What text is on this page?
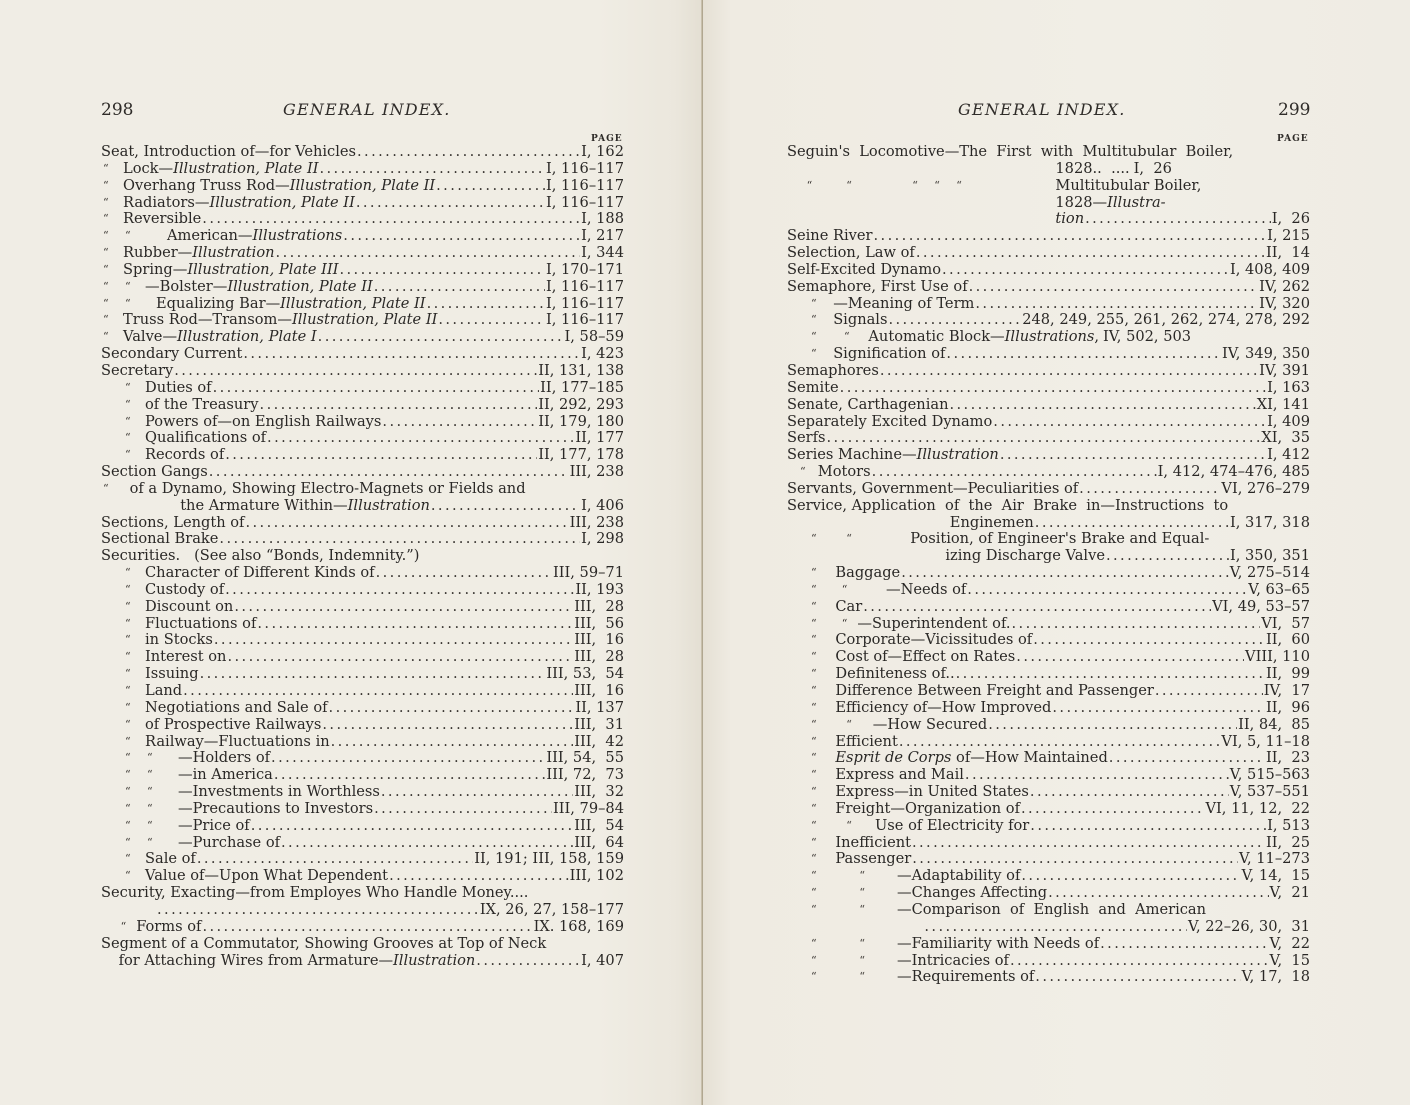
298	GENERAL INDEX.
PAGE
Seat, Introduction of—for Vehicles .....	I, 162
“ Lock—Illustration, Plate II .....	I, 116–117
“ Overhang Truss Rod—Illustration, Plate II .....	I, 116–117
“ Radiators—Illustration, Plate II .....	I, 116–117
“ Reversible .....	I, 188
“ “ American—Illustrations .....	I, 217
“ Rubber—Illustration .....	I, 344
“ Spring—Illustration, Plate III .....	I, 170–171
“ “ —Bolster—Illustration, Plate II .....	I, 116–117
“ “ Equalizing Bar—Illustration, Plate II .....	I, 116–117
“ Truss Rod—Transom—Illustration, Plate II .....	I, 116–117
“ Valve—Illustration, Plate I .....	I, 58–59
Secondary Current .....	I, 423
Secretary .....	II, 131, 138
“ Duties of .....	II, 177–185
“ of the Treasury .....	II, 292, 293
“ Powers of—on English Railways .....	II, 179, 180
“ Qualifications of .....	II, 177
“ Records of .....	II, 177, 178
Section Gangs .....	III, 238
“ of a Dynamo, Showing Electro-Magnets or Fields and
the Armature Within—Illustration .....	I, 406
Sections, Length of .....	III, 238
Sectional Brake .....	I, 298
Securities.   (See also “Bonds, Indemnity.”)
“ Character of Different Kinds of .....	III, 59–71
“ Custody of .....	II, 193
“ Discount on .....	III,  28
“ Fluctuations of .....	III,  56
“ in Stocks .....	III,  16
“ Interest on .....	III,  28
“ Issuing .....	III, 53,  54
“ Land .....	III,  16
“ Negotiations and Sale of .....	II, 137
“ of Prospective Railways .....	III,  31
“ Railway—Fluctuations in .....	III,  42
“ “ —Holders of .....	III, 54,  55
“ “ —in America .....	III, 72,  73
“ “ —Investments in Worthless .....	III,  32
“ “ —Precautions to Investors .....	III, 79–84
“ “ —Price of .....	III,  54
“ “ —Purchase of .....	III,  64
“ Sale of .....	II, 191; III, 158, 159
“ Value of—Upon What Dependent .....	III, 102
Security, Exacting—from Employes Who Handle Money....
.....
IX, 26, 27, 158–177
“ Forms of .....	IX. 168, 169
Segment of a Commutator, Showing Grooves at Top of Neck
for Attaching Wires from Armature—Illustration .....	I, 407
GENERAL INDEX.	299
PAGE
Seguin's  Locomotive—The  First  with  Multitubular  Boiler,
1828..  .... I,  26
“	“	“ “ “	Multitubular Boiler,
1828—Illustra-
tion .....	I,  26
Seine River .....	I, 215
Selection, Law of .....	II,  14
Self-Excited Dynamo .....	I, 408, 409
Semaphore, First Use of .....	IV, 262
“ —Meaning of Term .....	IV, 320
“ Signals .....	248, 249, 255, 261, 262, 274, 278, 292
“ “ Automatic Block—Illustrations, IV, 502, 503
“ Signification of .....	IV, 349, 350
Semaphores .....	IV, 391
Semite .....	I, 163
Senate, Carthagenian .....	XI, 141
Separately Excited Dynamo .....	I, 409
Serfs .....	XI,  35
Series Machine—Illustration .....	I, 412
“ Motors .....	I, 412, 474–476, 485
Servants, Government—Peculiarities of .....	VI, 276–279
Service, Application  of  the  Air  Brake  in—Instructions  to
Enginemen .....	I, 317, 318
“	“	Position, of Engineer's Brake and Equal-
izing Discharge Valve .....	I, 350, 351
“ Baggage .....	V, 275–514
“ “	—Needs of .....	V, 63–65
“ Car .....	VI, 49, 53–57
“ “ —Superintendent of. .....	VI,  57
“ Corporate—Vicissitudes of .....	II,  60
“ Cost of—Effect on Rates .....	VIII, 110
“ Definiteness of.. .....	II,  99
“ Difference Between Freight and Passenger .....	IV,  17
“ Efficiency of—How Improved .....	II,  96
“	“ —How Secured .....	II, 84,  85
“ Efficient .....	VI, 5, 11–18
“ Esprit de Corps of—How Maintained .....	II,  23
“ Express and Mail .....	V, 515–563
“ Express—in United States .....	V, 537–551
“ Freight—Organization of .....	VI, 11, 12,  22
“	“ Use of Electricity for .....	I, 513
“ Inefficient .....	II,  25
“ Passenger .....	V, 11–273
“	“ —Adaptability of .....	V, 14,  15
“	“ —Changes Affecting .....	V,  21
“	“ —Comparison  of  English  and  American
.....
V, 22–26, 30,  31
“	“ —Familiarity with Needs of .....	V,  22
“	“ —Intricacies of .....	V,  15
“	“ —Requirements of .....	V, 17,  18
